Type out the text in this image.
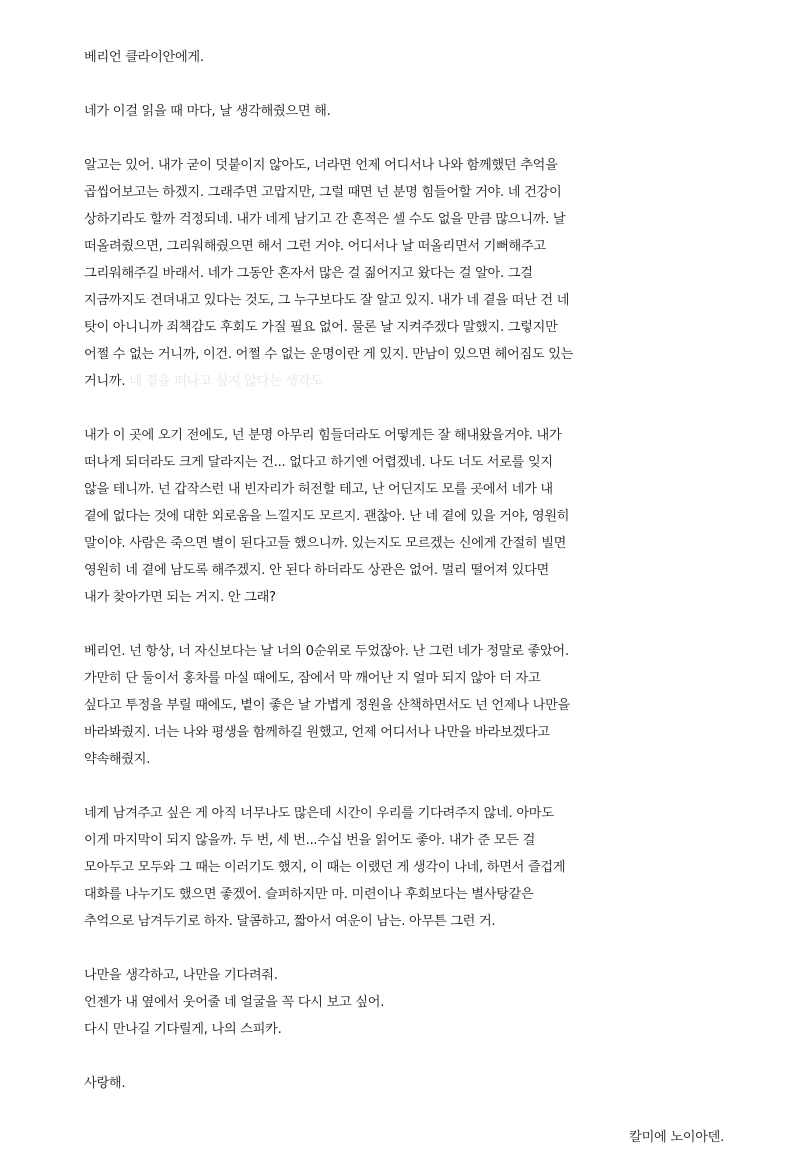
베리언 클라이안에게.
네가 이걸 읽을 때 마다, 날 생각해줬으면 해.
알고는 있어. 내가 굳이 덧붙이지 않아도, 너라면 언제 어디서나 나와 함께했던 추억을
곱씹어보고는 하겠지. 그래주면 고맙지만, 그럴 때면 넌 분명 힘들어할 거야. 네 건강이
상하기라도 할까 걱정되네. 내가 네게 남기고 간 흔적은 셀 수도 없을 만큼 많으니까. 날
떠올려줬으면, 그리워해줬으면 해서 그런 거야. 어디서나 날 떠올리면서 기뻐해주고
그리워해주길 바래서. 네가 그동안 혼자서 많은 걸 짊어지고 왔다는 걸 알아. 그걸
지금까지도 견뎌내고 있다는 것도, 그 누구보다도 잘 알고 있지. 내가 네 곁을 떠난 건 네
탓이 아니니까 죄책감도 후회도 가질 필요 없어. 물론 날 지켜주겠다 말했지. 그렇지만
어쩔 수 없는 거니까, 이건. 어쩔 수 없는 운명이란 게 있지. 만남이 있으면 헤어짐도 있는
거니까. 네 곁을 떠나고 싶지 않다는 생각도
내가 이 곳에 오기 전에도, 넌 분명 아무리 힘들더라도 어떻게든 잘 해내왔을거야. 내가
떠나게 되더라도 크게 달라지는 건... 없다고 하기엔 어렵겠네. 나도 너도 서로를 잊지
않을 테니까. 넌 갑작스런 내 빈자리가 허전할 테고, 난 어딘지도 모를 곳에서 네가 내
곁에 없다는 것에 대한 외로움을 느낄지도 모르지. 괜찮아. 난 네 곁에 있을 거야, 영원히
말이야. 사람은 죽으면 별이 된다고들 했으니까. 있는지도 모르겠는 신에게 간절히 빌면
영원히 네 곁에 남도록 해주겠지. 안 된다 하더라도 상관은 없어. 멀리 떨어져 있다면
내가 찾아가면 되는 거지. 안 그래?
베리언. 넌 항상, 너 자신보다는 날 너의 0순위로 두었잖아. 난 그런 네가 정말로 좋았어.
가만히 단 둘이서 홍차를 마실 때에도, 잠에서 막 깨어난 지 얼마 되지 않아 더 자고
싶다고 투정을 부릴 때에도, 볕이 좋은 날 가볍게 정원을 산책하면서도 넌 언제나 나만을
바라봐줬지. 너는 나와 평생을 함께하길 원했고, 언제 어디서나 나만을 바라보겠다고
약속해줬지.
네게 남겨주고 싶은 게 아직 너무나도 많은데 시간이 우리를 기다려주지 않네. 아마도
이게 마지막이 되지 않을까. 두 번, 세 번...수십 번을 읽어도 좋아. 내가 준 모든 걸
모아두고 모두와 그 때는 이러기도 했지, 이 때는 이랬던 게 생각이 나네, 하면서 즐겁게
대화를 나누기도 했으면 좋겠어. 슬퍼하지만 마. 미련이나 후회보다는 별사탕같은
추억으로 남겨두기로 하자. 달콤하고, 짧아서 여운이 남는. 아무튼 그런 거.
나만을 생각하고, 나만을 기다려줘.
언젠가 내 옆에서 웃어줄 네 얼굴을 꼭 다시 보고 싶어.
다시 만나길 기다릴게, 나의 스피카.
사랑해.
칼미에 노이아덴.
